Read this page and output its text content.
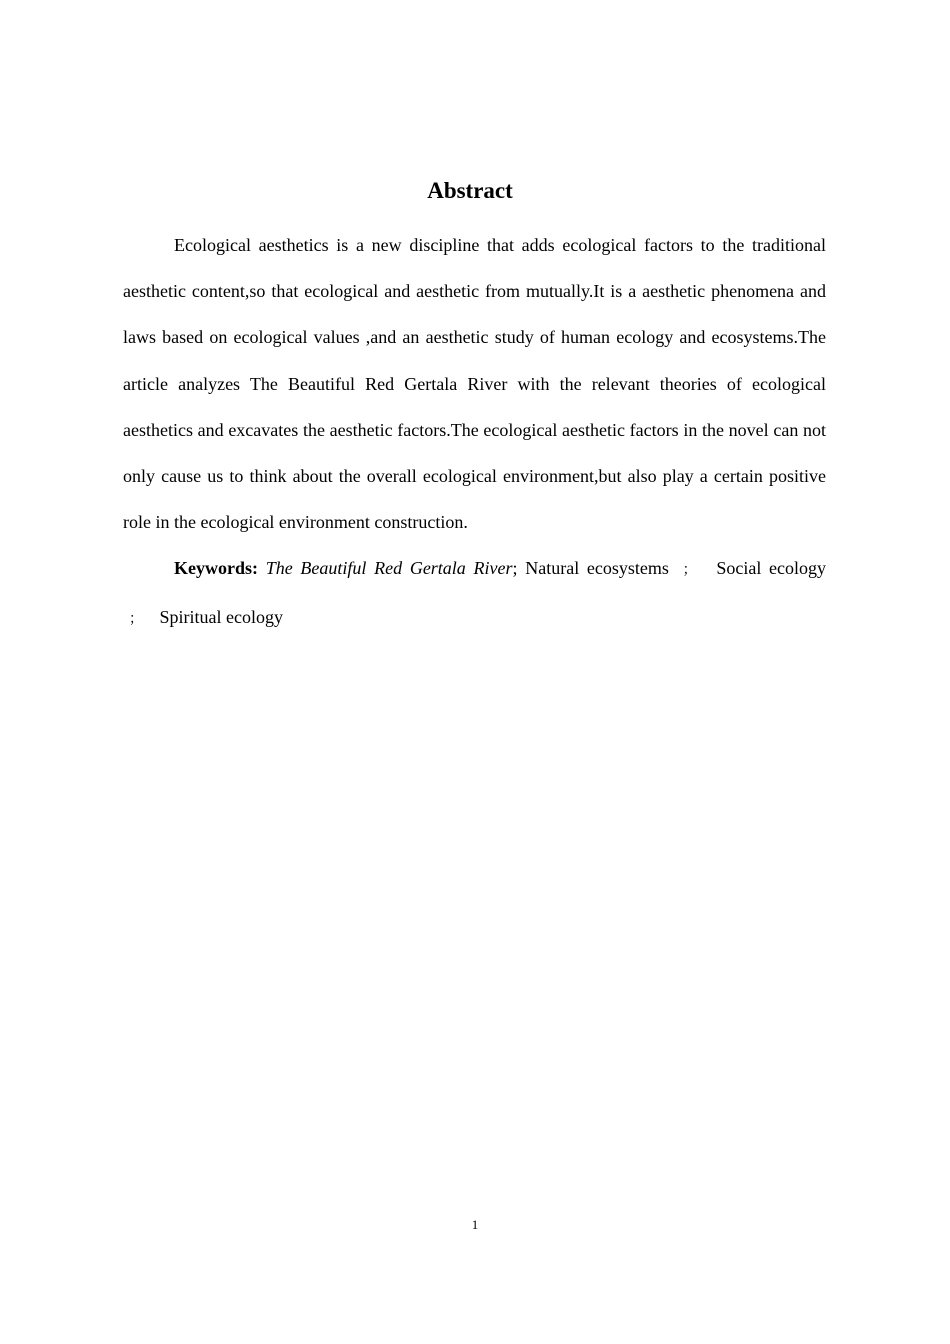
Abstract

Ecological aesthetics is a new discipline that adds ecological factors to the traditional aesthetic content,so that ecological and aesthetic from mutually.It is a aesthetic phenomena and laws based on ecological values ,and an aesthetic study of human ecology and ecosystems.The article analyzes The Beautiful Red Gertala River with the relevant theories of ecological aesthetics and excavates the aesthetic factors.The ecological aesthetic factors in the novel can not only cause us to think about the overall ecological environment,but also play a certain positive role in the ecological environment construction.

Keywords: The Beautiful Red Gertala River; Natural ecosystems ； Social ecology ； Spiritual ecology

1
